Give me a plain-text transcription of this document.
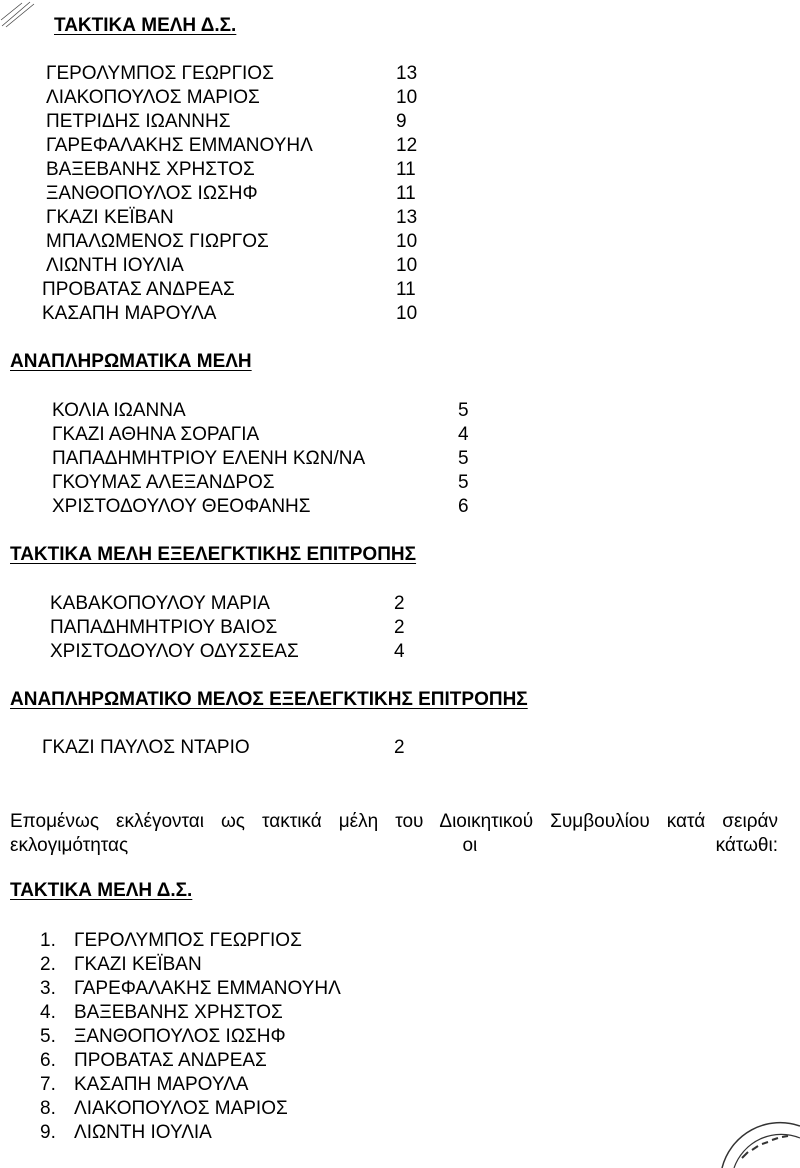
ΤΑΚΤΙΚΑ ΜΕΛΗ Δ.Σ.
ΓΕΡΟΛΥΜΠΟΣ ΓΕΩΡΓΙΟΣ	13
ΛΙΑΚΟΠΟΥΛΟΣ ΜΑΡΙΟΣ	10
ΠΕΤΡΙΔΗΣ ΙΩΑΝΝΗΣ	9
ΓΑΡΕΦΑΛΑΚΗΣ ΕΜΜΑΝΟΥΗΛ	12
ΒΑΞΕΒΑΝΗΣ ΧΡΗΣΤΟΣ	11
ΞΑΝΘΟΠΟΥΛΟΣ ΙΩΣΗΦ	11
ΓΚΑΖΙ ΚΕΪΒΑΝ	13
ΜΠΑΛΩΜΕΝΟΣ ΓΙΩΡΓΟΣ	10
ΛΙΩΝΤΗ ΙΟΥΛΙΑ	10
ΠΡΟΒΑΤΑΣ ΑΝΔΡΕΑΣ	11
ΚΑΣΑΠΗ ΜΑΡΟΥΛΑ	10
ΑΝΑΠΛΗΡΩΜΑΤΙΚΑ ΜΕΛΗ
ΚΟΛΙΑ ΙΩΑΝΝΑ	5
ΓΚΑΖΙ ΑΘΗΝΑ ΣΟΡΑΓΙΑ	4
ΠΑΠΑΔΗΜΗΤΡΙΟΥ ΕΛΕΝΗ ΚΩΝ/ΝΑ	5
ΓΚΟΥΜΑΣ ΑΛΕΞΑΝΔΡΟΣ	5
ΧΡΙΣΤΟΔΟΥΛΟΥ ΘΕΟΦΑΝΗΣ	6
ΤΑΚΤΙΚΑ ΜΕΛΗ ΕΞΕΛΕΓΚΤΙΚΗΣ ΕΠΙΤΡΟΠΗΣ
ΚΑΒΑΚΟΠΟΥΛΟΥ ΜΑΡΙΑ	2
ΠΑΠΑΔΗΜΗΤΡΙΟΥ ΒΑΙΟΣ	2
ΧΡΙΣΤΟΔΟΥΛΟΥ ΟΔΥΣΣΕΑΣ	4
ΑΝΑΠΛΗΡΩΜΑΤΙΚΟ ΜΕΛΟΣ ΕΞΕΛΕΓΚΤΙΚΗΣ ΕΠΙΤΡΟΠΗΣ
ΓΚΑΖΙ ΠΑΥΛΟΣ ΝΤΑΡΙΟ	2
Επομένως εκλέγονται ως τακτικά μέλη του Διοικητικού Συμβουλίου κατά σειράν
εκλογιμότητας	οι	κάτωθι:
ΤΑΚΤΙΚΑ ΜΕΛΗ Δ.Σ.
1. ΓΕΡΟΛΥΜΠΟΣ ΓΕΩΡΓΙΟΣ
2. ΓΚΑΖΙ ΚΕΪΒΑΝ
3. ΓΑΡΕΦΑΛΑΚΗΣ ΕΜΜΑΝΟΥΗΛ
4. ΒΑΞΕΒΑΝΗΣ ΧΡΗΣΤΟΣ
5. ΞΑΝΘΟΠΟΥΛΟΣ ΙΩΣΗΦ
6. ΠΡΟΒΑΤΑΣ ΑΝΔΡΕΑΣ
7. ΚΑΣΑΠΗ ΜΑΡΟΥΛΑ
8. ΛΙΑΚΟΠΟΥΛΟΣ ΜΑΡΙΟΣ
9. ΛΙΩΝΤΗ ΙΟΥΛΙΑ
